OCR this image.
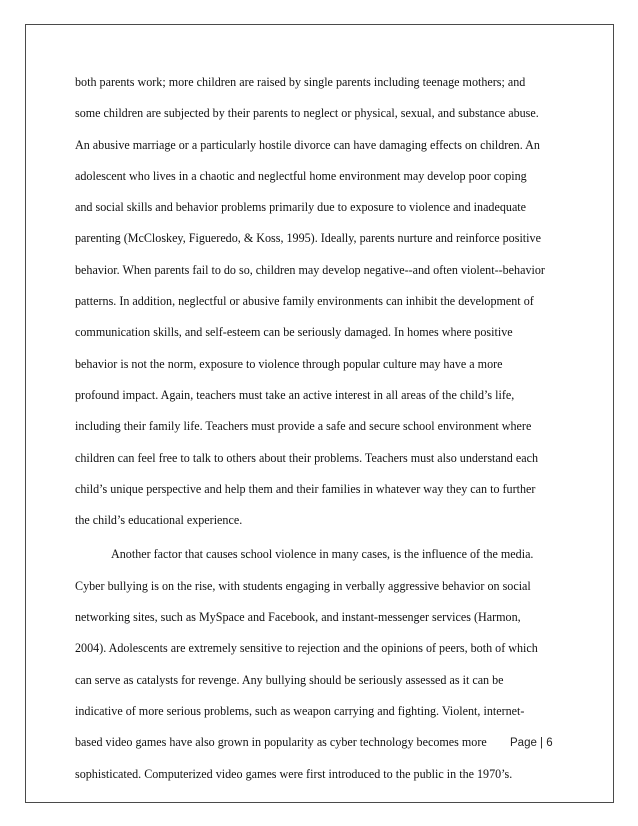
both parents work; more children are raised by single parents including teenage mothers; and
some children are subjected by their parents to neglect or physical, sexual, and substance abuse.
An abusive marriage or a particularly hostile divorce can have damaging effects on children. An
adolescent who lives in a chaotic and neglectful home environment may develop poor coping
and social skills and behavior problems primarily due to exposure to violence and inadequate
parenting (McCloskey, Figueredo, & Koss, 1995). Ideally, parents nurture and reinforce positive
behavior. When parents fail to do so, children may develop negative--and often violent--behavior
patterns. In addition, neglectful or abusive family environments can inhibit the development of
communication skills, and self-esteem can be seriously damaged. In homes where positive
behavior is not the norm, exposure to violence through popular culture may have a more
profound impact. Again, teachers must take an active interest in all areas of the child’s life,
including their family life. Teachers must provide a safe and secure school environment where
children can feel free to talk to others about their problems. Teachers must also understand each
child’s unique perspective and help them and their families in whatever way they can to further
the child’s educational experience.
Another factor that causes school violence in many cases, is the influence of the media.
Cyber bullying is on the rise, with students engaging in verbally aggressive behavior on social
networking sites, such as MySpace and Facebook, and instant-messenger services (Harmon,
2004). Adolescents are extremely sensitive to rejection and the opinions of peers, both of which
can serve as catalysts for revenge. Any bullying should be seriously assessed as it can be
indicative of more serious problems, such as weapon carrying and fighting. Violent, internet-
based video games have also grown in popularity as cyber technology becomes more
sophisticated. Computerized video games were first introduced to the public in the 1970’s.
Page | 6
